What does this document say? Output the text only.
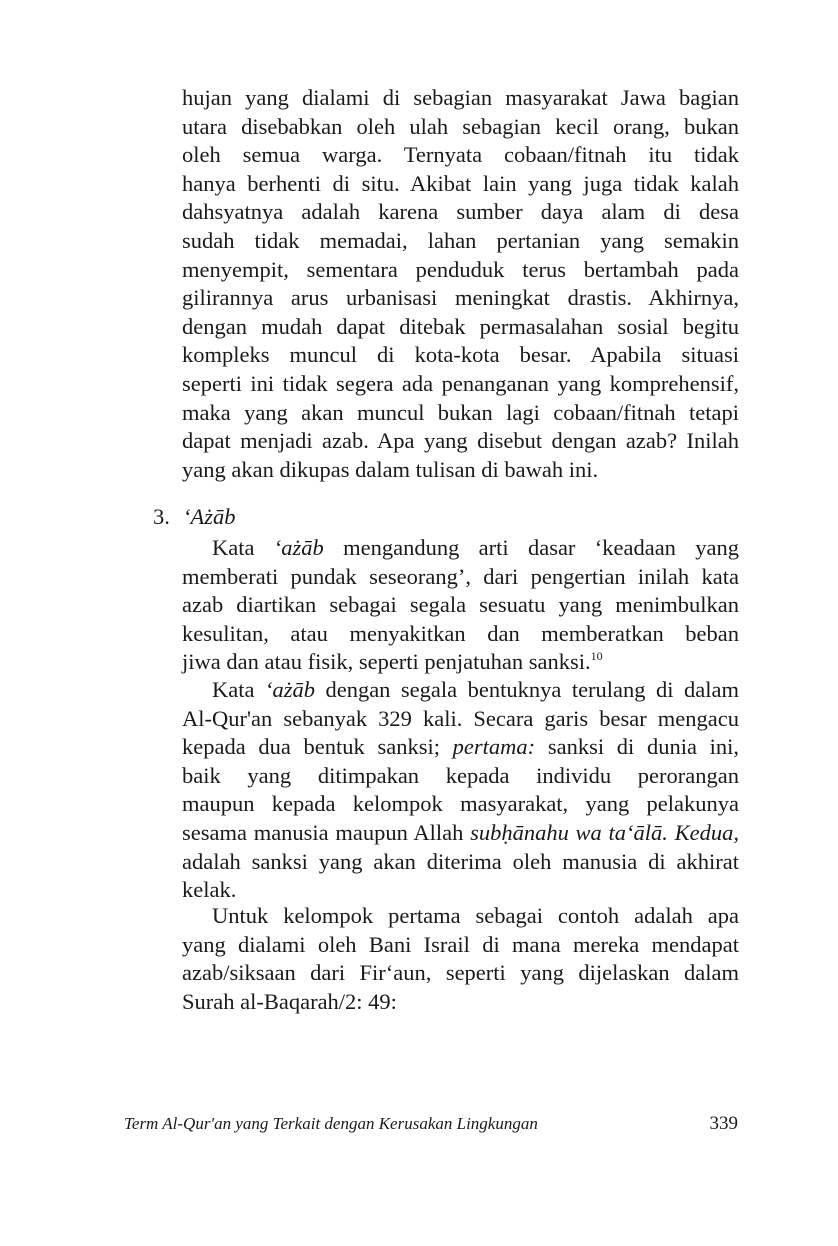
hujan yang dialami di sebagian masyarakat Jawa bagian
utara disebabkan oleh ulah sebagian kecil orang, bukan
oleh semua warga. Ternyata cobaan/fitnah itu tidak
hanya berhenti di situ. Akibat lain yang juga tidak kalah
dahsyatnya adalah karena sumber daya alam di desa
sudah tidak memadai, lahan pertanian yang semakin
menyempit, sementara penduduk terus bertambah pada
gilirannya arus urbanisasi meningkat drastis. Akhirnya,
dengan mudah dapat ditebak permasalahan sosial begitu
kompleks muncul di kota-kota besar. Apabila situasi
seperti ini tidak segera ada penanganan yang komprehensif,
maka yang akan muncul bukan lagi cobaan/fitnah tetapi
dapat menjadi azab. Apa yang disebut dengan azab? Inilah
yang akan dikupas dalam tulisan di bawah ini.
3. ‘Ażāb
Kata ‘ażāb mengandung arti dasar ‘keadaan yang
memberati pundak seseorang’, dari pengertian inilah kata
azab diartikan sebagai segala sesuatu yang menimbulkan
kesulitan, atau menyakitkan dan memberatkan beban
jiwa dan atau fisik, seperti penjatuhan sanksi.$^{10}$
Kata ‘ażāb dengan segala bentuknya terulang di dalam
Al-Qur'an sebanyak 329 kali. Secara garis besar mengacu
kepada dua bentuk sanksi; pertama: sanksi di dunia ini,
baik yang ditimpakan kepada individu perorangan
maupun kepada kelompok masyarakat, yang pelakunya
sesama manusia maupun Allah subḥānahu wa ta‘ālā. Kedua,
adalah sanksi yang akan diterima oleh manusia di akhirat
kelak.
Untuk kelompok pertama sebagai contoh adalah apa
yang dialami oleh Bani Israil di mana mereka mendapat
azab/siksaan dari Fir‘aun, seperti yang dijelaskan dalam
Surah al-Baqarah/2: 49:
Term Al-Qur'an yang Terkait dengan Kerusakan Lingkungan	339
